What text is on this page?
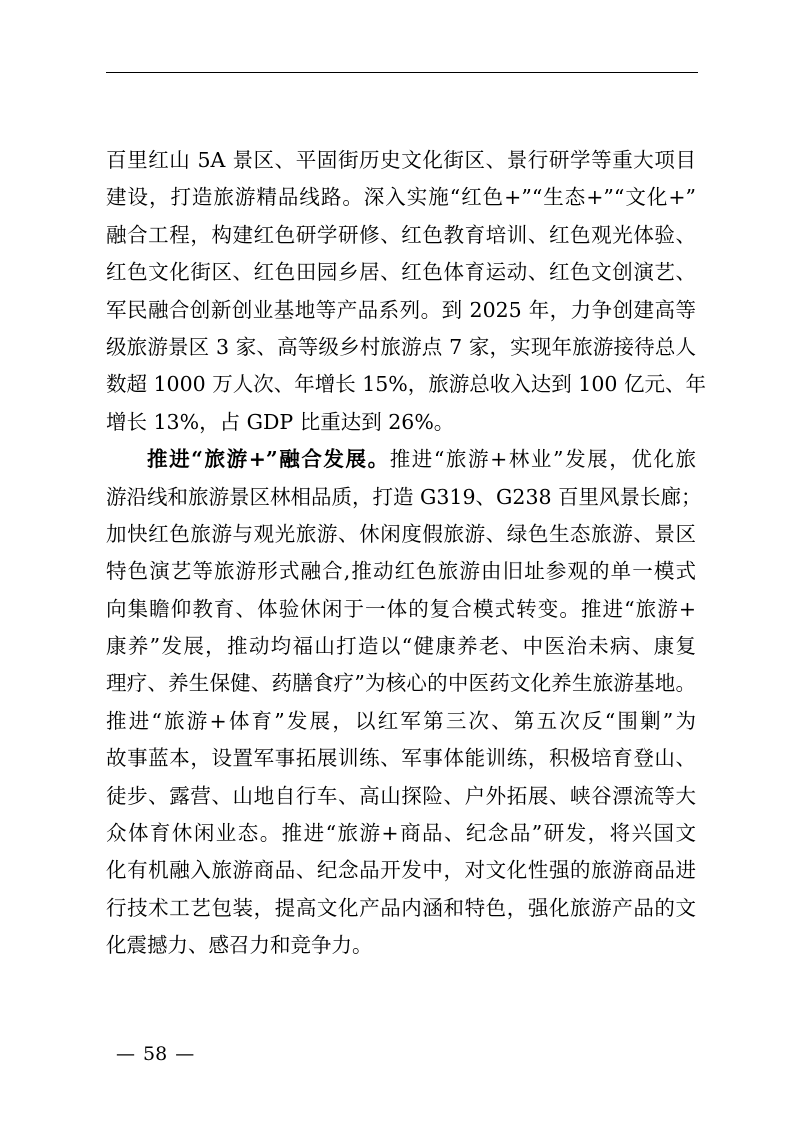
百里红山 5A 景区、平固街历史文化街区、景行研学等重大项目
建设，打造旅游精品线路。深入实施“红色+”“生态+”“文化+”
融合工程，构建红色研学研修、红色教育培训、红色观光体验、
红色文化街区、红色田园乡居、红色体育运动、红色文创演艺、
军民融合创新创业基地等产品系列。到 2025 年，力争创建高等
级旅游景区 3 家、高等级乡村旅游点 7 家，实现年旅游接待总人
数超 1000 万人次、年增长 15%，旅游总收入达到 100 亿元、年
增长 13%，占 GDP 比重达到 26%。
推进“旅游+”融合发展。推进“旅游+林业”发展，优化旅
游沿线和旅游景区林相品质，打造 G319、G238 百里风景长廊；
加快红色旅游与观光旅游、休闲度假旅游、绿色生态旅游、景区
特色演艺等旅游形式融合,推动红色旅游由旧址参观的单一模式
向集瞻仰教育、体验休闲于一体的复合模式转变。推进“旅游+
康养”发展，推动均福山打造以“健康养老、中医治未病、康复
理疗、养生保健、药膳食疗”为核心的中医药文化养生旅游基地。
推进“旅游+体育”发展，以红军第三次、第五次反“围剿”为
故事蓝本，设置军事拓展训练、军事体能训练，积极培育登山、
徒步、露营、山地自行车、高山探险、户外拓展、峡谷漂流等大
众体育休闲业态。推进“旅游+商品、纪念品”研发，将兴国文
化有机融入旅游商品、纪念品开发中，对文化性强的旅游商品进
行技术工艺包装，提高文化产品内涵和特色，强化旅游产品的文
化震撼力、感召力和竞争力。
— 58 —
